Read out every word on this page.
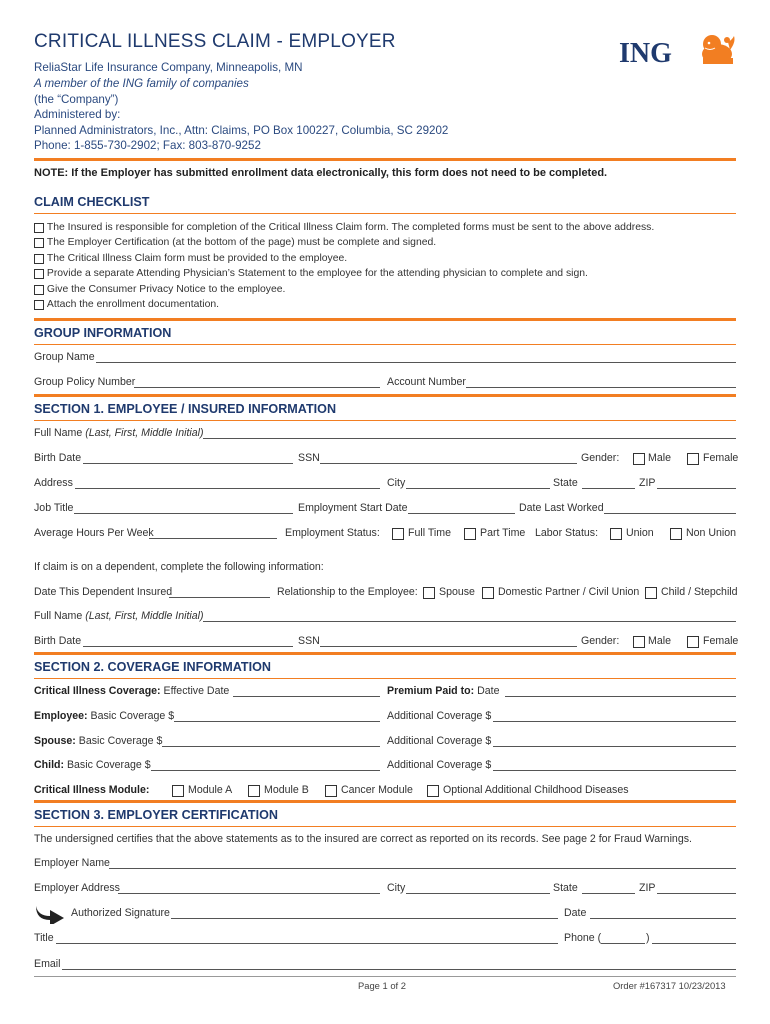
CRITICAL ILLNESS CLAIM - EMPLOYER
ReliaStar Life Insurance Company, Minneapolis, MN
A member of the ING family of companies
(the “Company”)
Administered by:
Planned Administrators, Inc., Attn: Claims, PO Box 100227, Columbia, SC 29202
Phone: 1-855-730-2902; Fax: 803-870-9252
ING
NOTE: If the Employer has submitted enrollment data electronically, this form does not need to be completed.
CLAIM CHECKLIST

The Insured is responsible for completion of the Critical Illness Claim form. The completed forms must be sent to the above address.

The Employer Certification (at the bottom of the page) must be complete and signed.

The Critical Illness Claim form must be provided to the employee.

Provide a separate Attending Physician’s Statement to the employee for the attending physician to complete and sign.

Give the Consumer Privacy Notice to the employee.

Attach the enrollment documentation.
GROUP INFORMATION
Group Name
Group Policy Number	Account Number
SECTION 1. EMPLOYEE / INSURED INFORMATION
Full Name (Last, First, Middle Initial)
Birth Date	SSN	Gender:	Male	Female
Address	City	State	ZIP
Job Title	Employment Start Date	Date Last Worked
Average Hours Per Week	Employment Status:	Full Time	Part Time Labor Status:	Union	Non Union
If claim is on a dependent, complete the following information:
Date This Dependent Insured	Relationship to the Employee: Spouse Domestic Partner / Civil Union Child / Stepchild
Full Name (Last, First, Middle Initial)
Birth Date	SSN	Gender:	Male	Female
SECTION 2. COVERAGE INFORMATION
Critical Illness Coverage: Effective Date	Premium Paid to: Date
Employee: Basic Coverage $	Additional Coverage $
Spouse: Basic Coverage $	Additional Coverage $
Child: Basic Coverage $	Additional Coverage $
Critical Illness Module:	Module A	Module B	Cancer Module	Optional Additional Childhood Diseases
SECTION 3. EMPLOYER CERTIFICATION
The undersigned certifies that the above statements as to the insured are correct as reported on its records. See page 2 for Fraud Warnings.
Employer Name
Employer Address	City	State	ZIP
Authorized Signature	Date
Title	Phone (	)
Email
Page 1 of 2	Order #167317 10/23/2013
